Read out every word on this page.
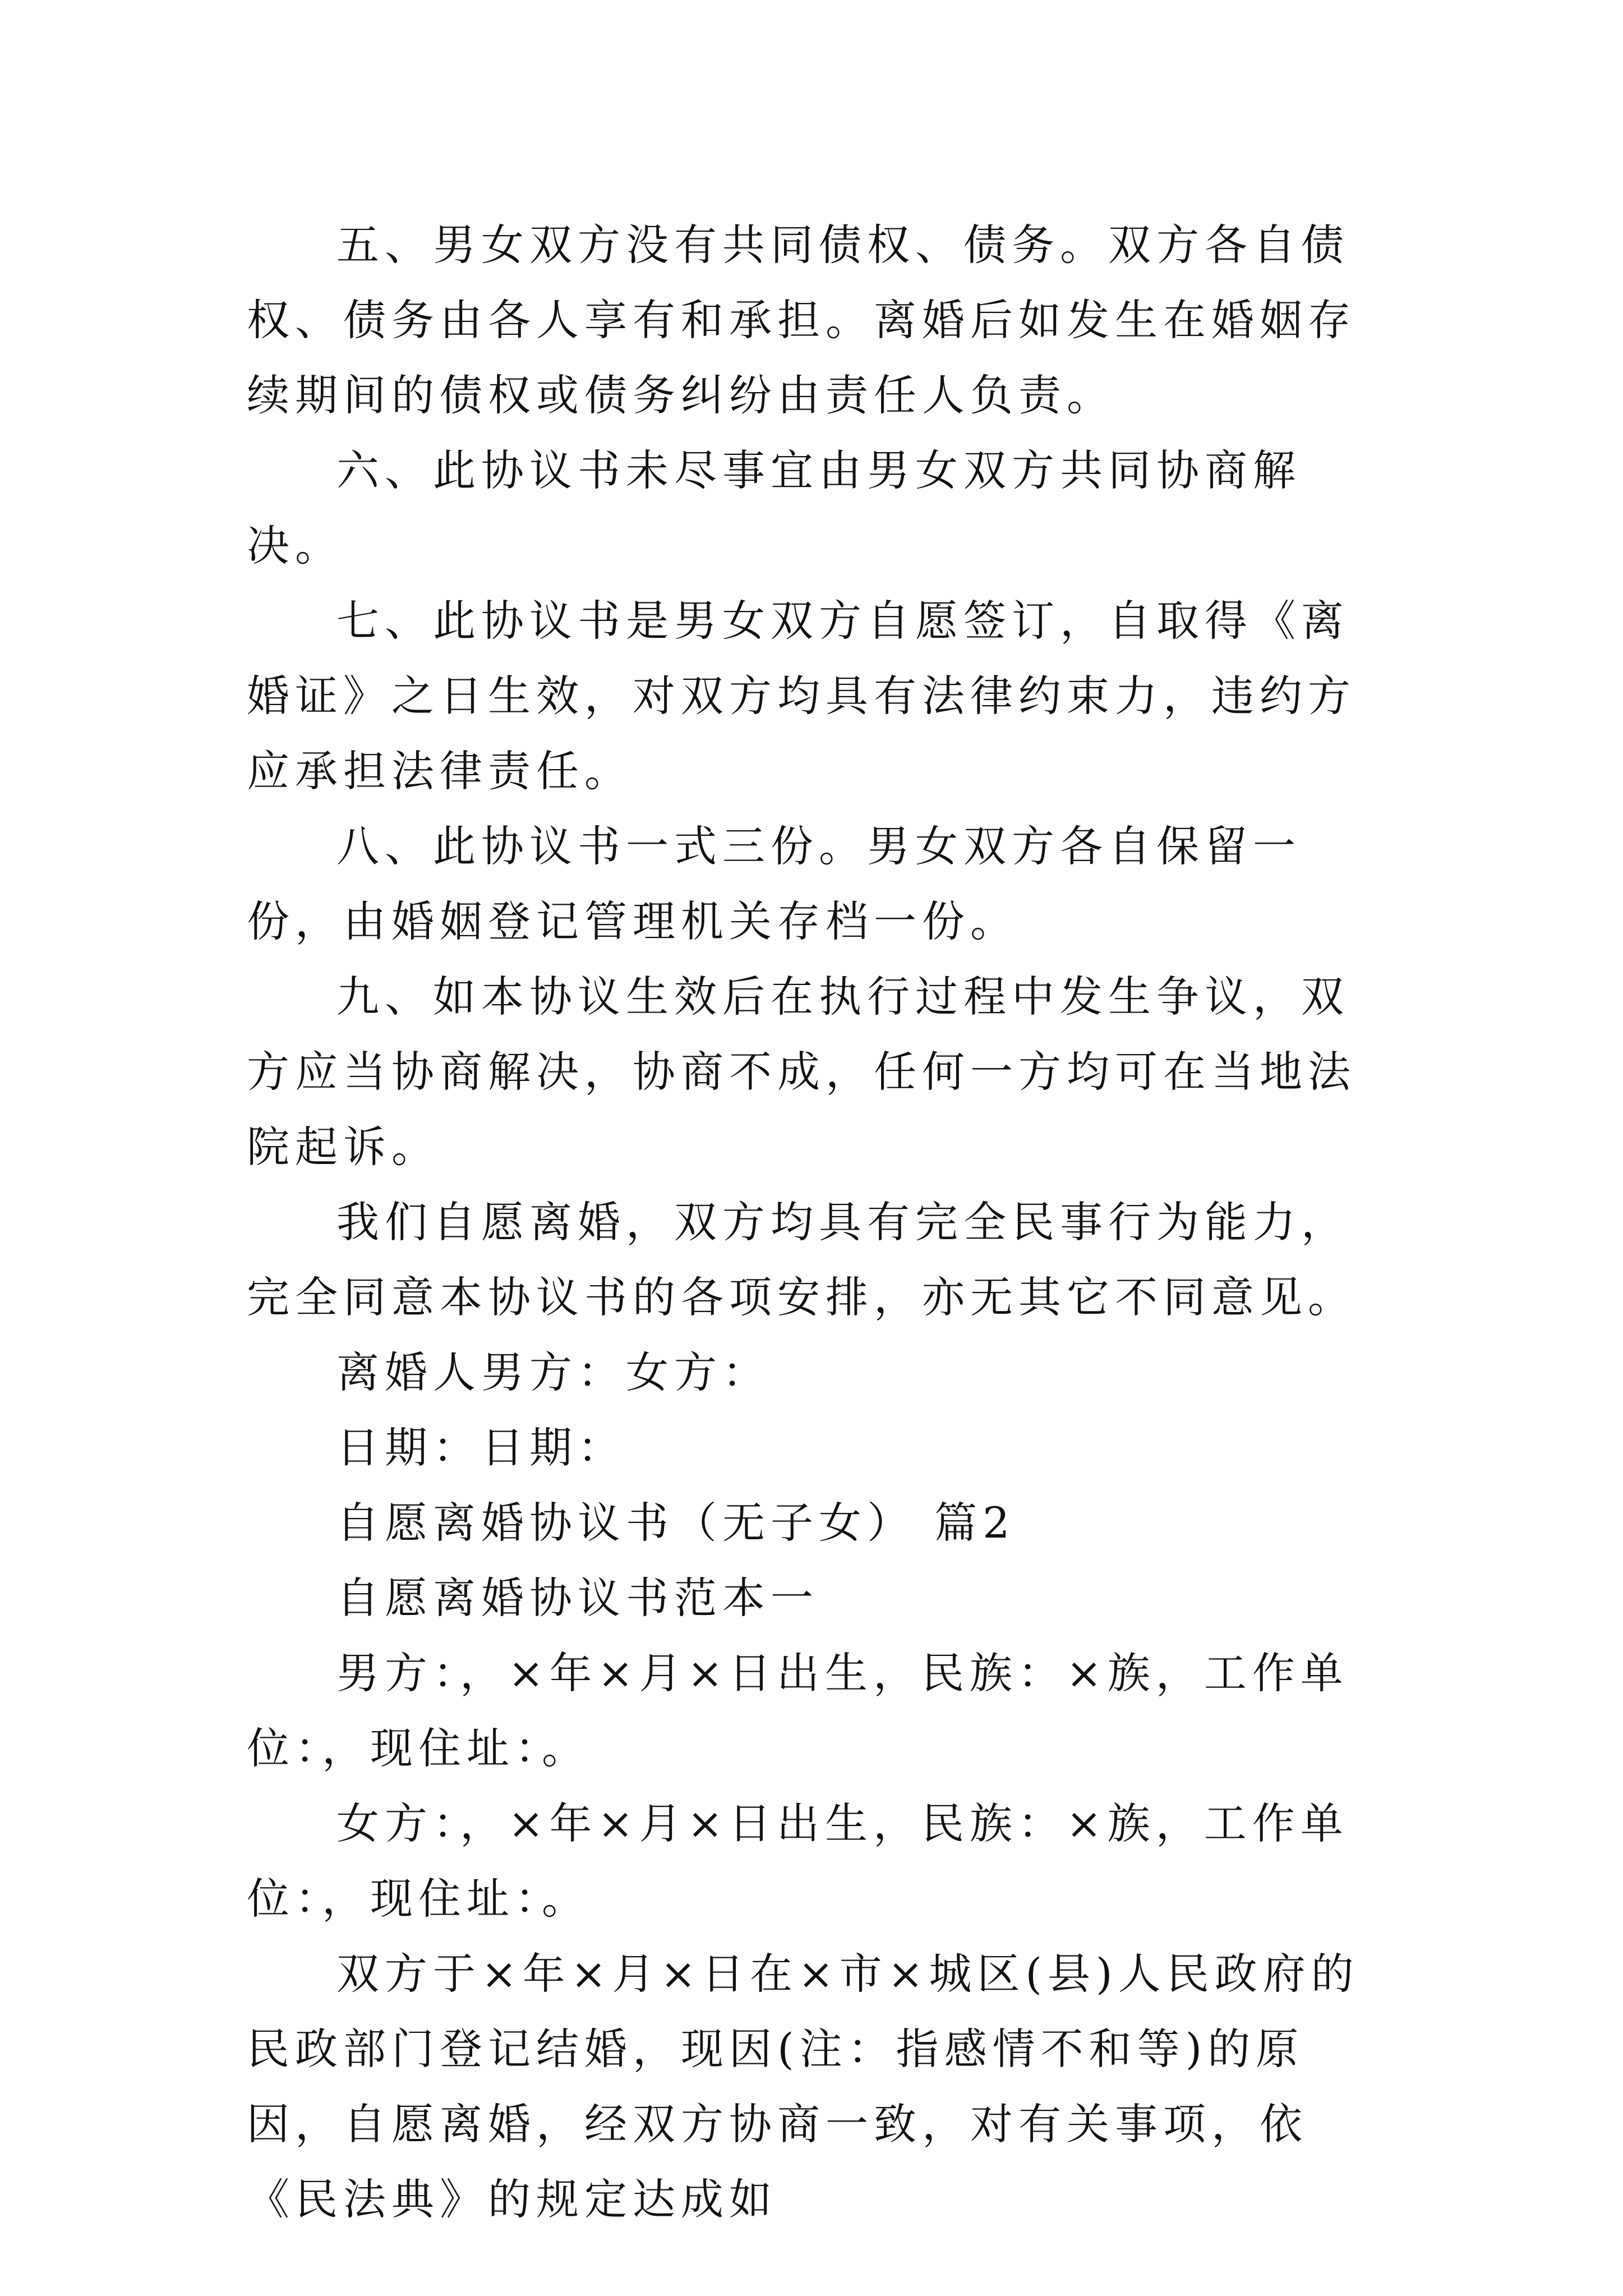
五、男女双方没有共同债权、债务。双方各自债权、债务由各人享有和承担。离婚后如发生在婚姻存续期间的债权或债务纠纷由责任人负责。

六、此协议书未尽事宜由男女双方共同协商解决。

七、此协议书是男女双方自愿签订，自取得《离婚证》之日生效，对双方均具有法律约束力，违约方应承担法律责任。

八、此协议书一式三份。男女双方各自保留一份，由婚姻登记管理机关存档一份。

九、如本协议生效后在执行过程中发生争议，双方应当协商解决，协商不成，任何一方均可在当地法院起诉。

我们自愿离婚，双方均具有完全民事行为能力，完全同意本协议书的各项安排，亦无其它不同意见。

离婚人男方：女方：

日期：日期：

自愿离婚协议书（无子女） 篇2

自愿离婚协议书范本一

男方：，×年×月×日出生，民族：×族，工作单位：，现住址：。

女方：，×年×月×日出生，民族：×族，工作单位：，现住址：。

双方于×年×月×日在×市×城区(县)人民政府的民政部门登记结婚，现因(注：指感情不和等)的原因，自愿离婚，经双方协商一致，对有关事项，依《民法典》的规定达成如
